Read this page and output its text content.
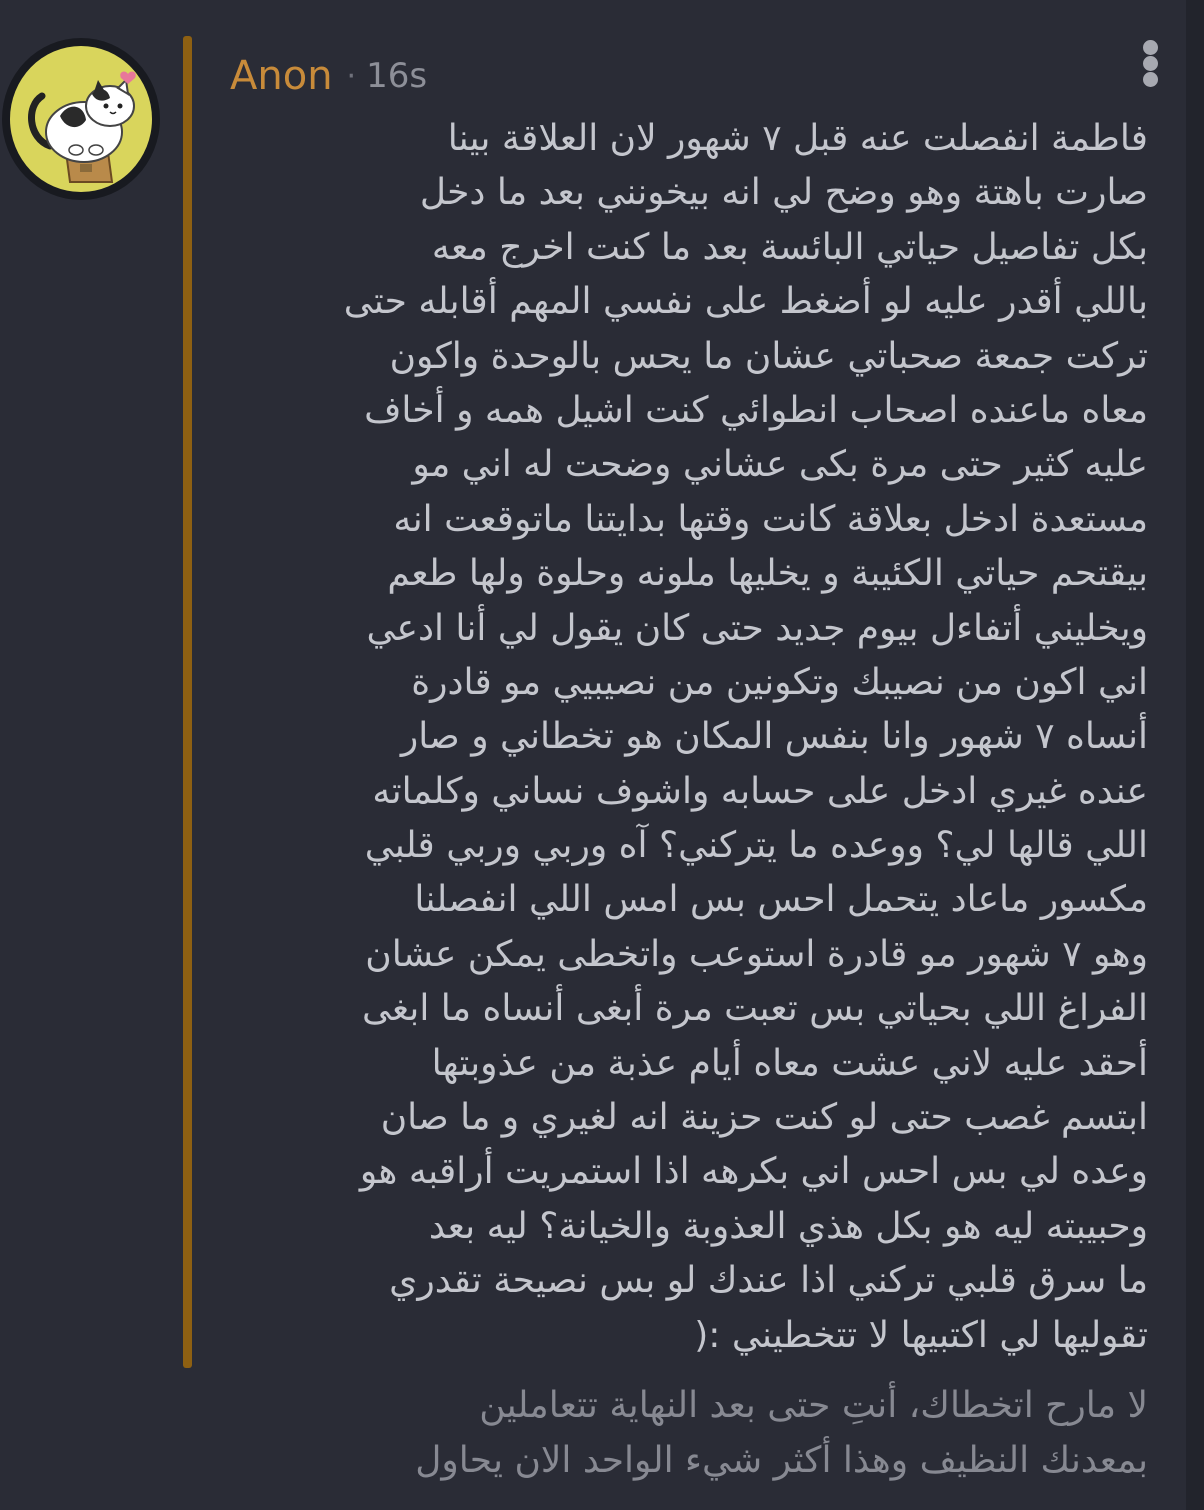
Anon · 16s
فاطمة انفصلت عنه قبل ٧ شهور لان العلاقة بينا
صارت باهتة وهو وضح لي انه بيخونني بعد ما دخل
بكل تفاصيل حياتي البائسة بعد ما كنت اخرج معه
باللي أقدر عليه لو أضغط على نفسي المهم أقابله حتى
تركت جمعة صحباتي عشان ما يحس بالوحدة واكون
معاه ماعنده اصحاب انطوائي كنت اشيل همه و أخاف
عليه كثير حتى مرة بكى عشاني وضحت له اني مو
مستعدة ادخل بعلاقة كانت وقتها بدايتنا ماتوقعت انه
بيقتحم حياتي الكئيبة و يخليها ملونه وحلوة ولها طعم
ويخليني أتفاءل بيوم جديد حتى كان يقول لي أنا ادعي
اني اكون من نصيبك وتكونين من نصيبيي مو قادرة
أنساه ٧ شهور وانا بنفس المكان هو تخطاني و صار
عنده غيري ادخل على حسابه واشوف نساني وكلماته
اللي قالها لي؟ ووعده ما يتركني؟ آه وربي وربي قلبي
مكسور ماعاد يتحمل احس بس امس اللي انفصلنا
وهو ٧ شهور مو قادرة استوعب واتخطى يمكن عشان
الفراغ اللي بحياتي بس تعبت مرة أبغى أنساه ما ابغى
أحقد عليه لاني عشت معاه أيام عذبة من عذوبتها
ابتسم غصب حتى لو كنت حزينة انه لغيري و ما صان
وعده لي بس احس اني بكرهه اذا استمريت أراقبه هو
وحبيبته ليه هو بكل هذي العذوبة والخيانة؟ ليه بعد
ما سرق قلبي تركني اذا عندك لو بس نصيحة تقدري
تقوليها لي اكتبيها لا تتخطيني :(
لا مارح اتخطاك، أنتِ حتى بعد النهاية تتعاملين
بمعدنك النظيف وهذا أكثر شيء الواحد الان يحاول
